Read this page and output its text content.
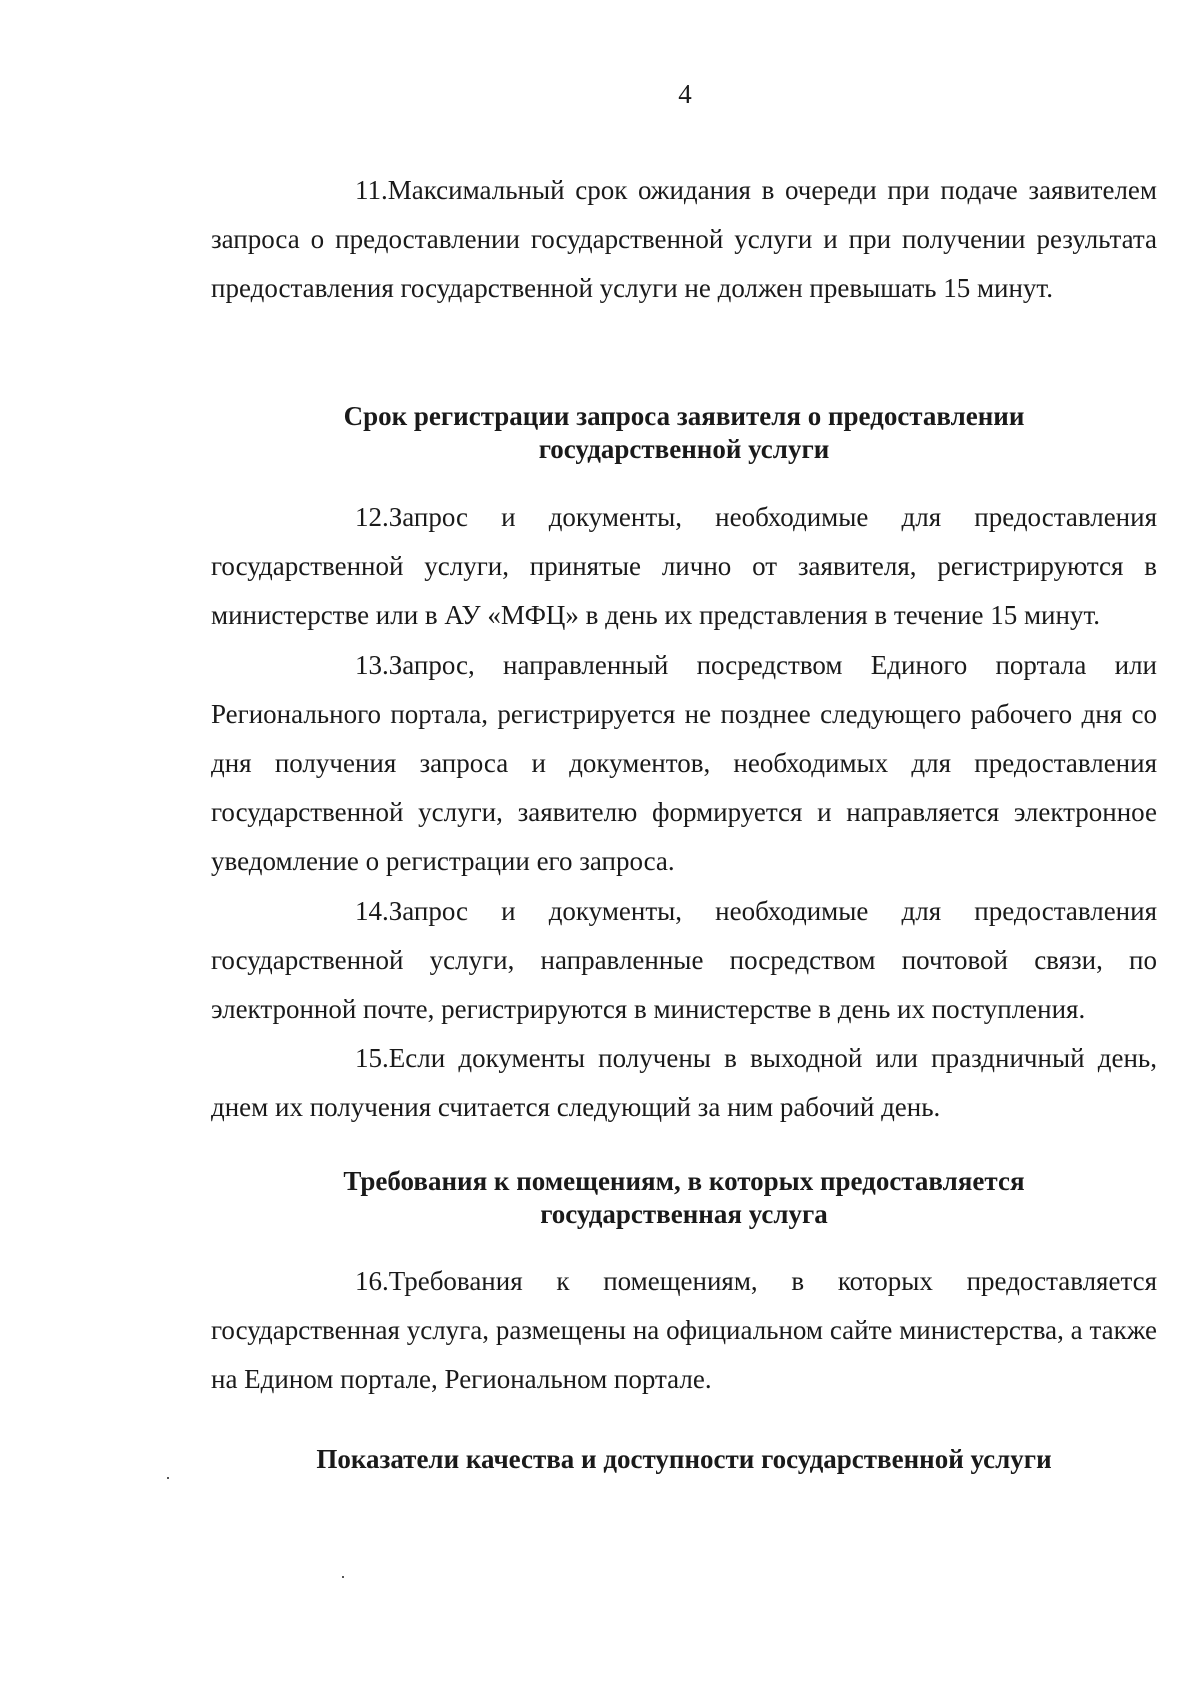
4

11.Максимальный срок ожидания в очереди при подаче заявителем запроса о предоставлении государственной услуги и при получении результата предоставления государственной услуги не должен превышать 15 минут.

Срок регистрации запроса заявителя о предоставлении
государственной услуги

12.Запрос и документы, необходимые для предоставления государственной услуги, принятые лично от заявителя, регистрируются в министерстве или в АУ «МФЦ» в день их представления в течение 15 минут.

13.Запрос, направленный посредством Единого портала или Регионального портала, регистрируется не позднее следующего рабочего дня со дня получения запроса и документов, необходимых для предоставления государственной услуги, заявителю формируется и направляется электронное уведомление о регистрации его запроса.

14.Запрос и документы, необходимые для предоставления государственной услуги, направленные посредством почтовой связи, по электронной почте, регистрируются в министерстве в день их поступления.

15.Если документы получены в выходной или праздничный день, днем их получения считается следующий за ним рабочий день.

Требования к помещениям, в которых предоставляется
государственная услуга

16.Требования к помещениям, в которых предоставляется государственная услуга, размещены на официальном сайте министерства, а также на Едином портале, Региональном портале.

Показатели качества и доступности государственной услуги
